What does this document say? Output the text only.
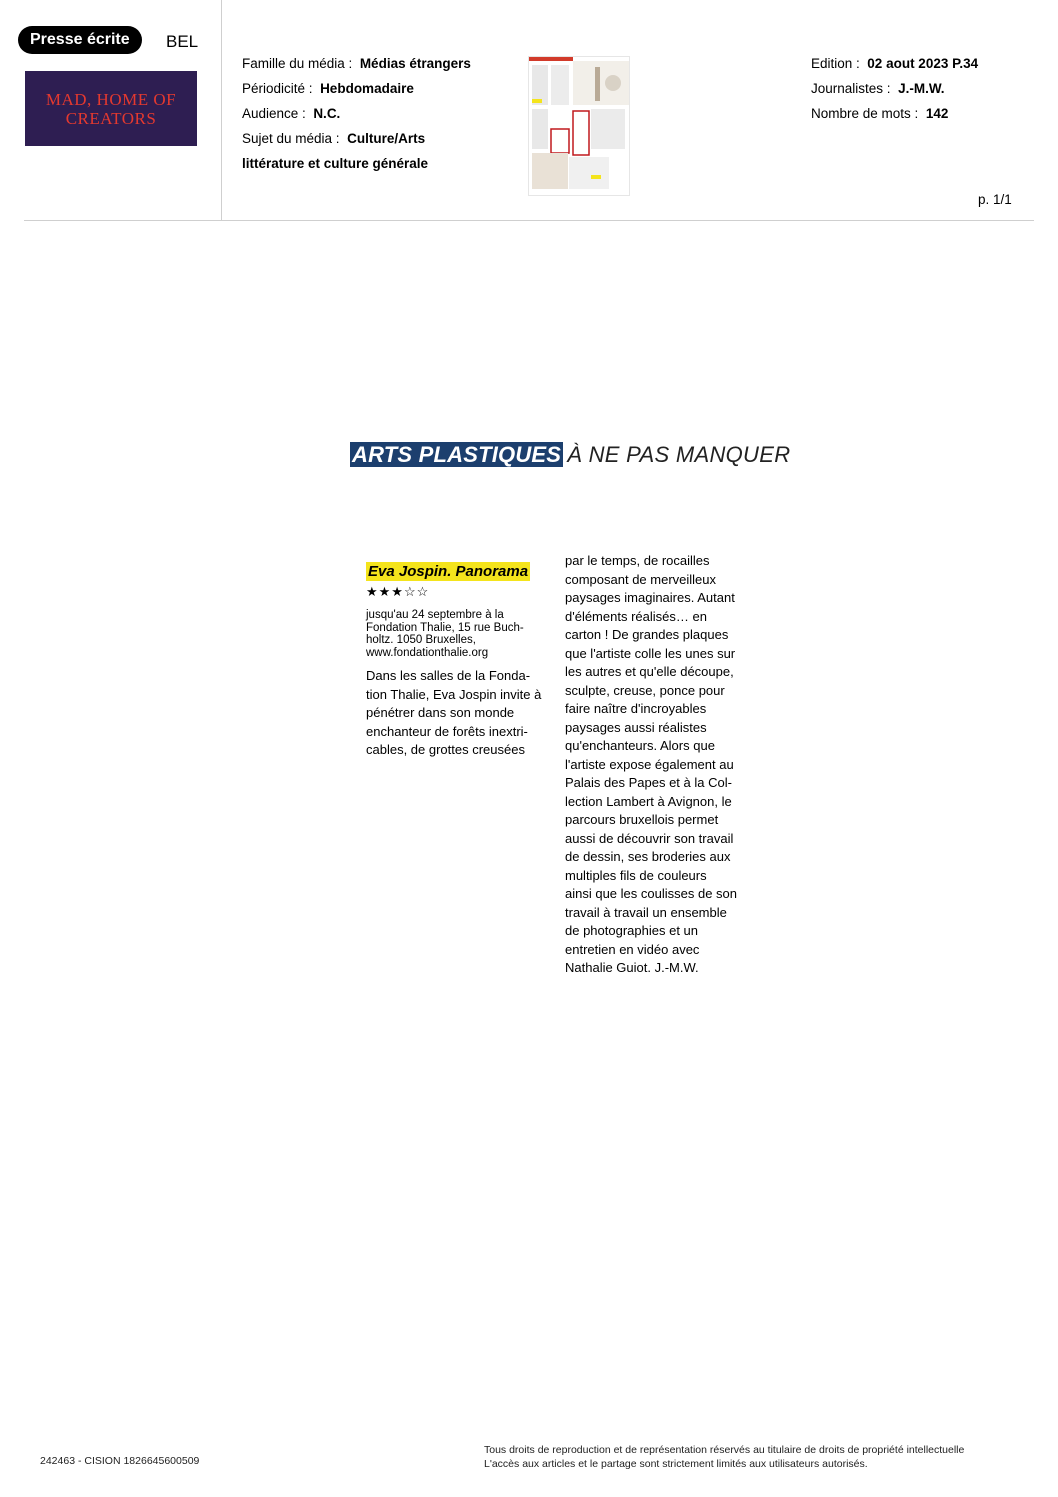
Presse écrite	BEL
MAD, HOME OF
CREATORS
Famille du média : Médias étrangers
Périodicité : Hebdomadaire
Audience : N.C.
Sujet du média : Culture/Arts
littérature et culture générale
Edition : 02 aout 2023 P.34
Journalistes : J.-M.W.
Nombre de mots : 142
p. 1/1
ARTS PLASTIQUES À NE PAS MANQUER
Eva Jospin. Panorama
★★★☆☆
jusqu'au 24 septembre à la
Fondation Thalie, 15 rue Buch-
holtz. 1050 Bruxelles,
www.fondationthalie.org
Dans les salles de la Fonda-
tion Thalie, Eva Jospin invite à
pénétrer dans son monde
enchanteur de forêts inextri-
cables, de grottes creusées
par le temps, de rocailles
composant de merveilleux
paysages imaginaires. Autant
d'éléments réalisés… en
carton ! De grandes plaques
que l'artiste colle les unes sur
les autres et qu'elle découpe,
sculpte, creuse, ponce pour
faire naître d'incroyables
paysages aussi réalistes
qu'enchanteurs. Alors que
l'artiste expose également au
Palais des Papes et à la Col-
lection Lambert à Avignon, le
parcours bruxellois permet
aussi de découvrir son travail
de dessin, ses broderies aux
multiples fils de couleurs
ainsi que les coulisses de son
travail à travail un ensemble
de photographies et un
entretien en vidéo avec
Nathalie Guiot. J.-M.W.
242463 - CISION 1826645600509
Tous droits de reproduction et de représentation réservés au titulaire de droits de propriété intellectuelle
L'accès aux articles et le partage sont strictement limités aux utilisateurs autorisés.
